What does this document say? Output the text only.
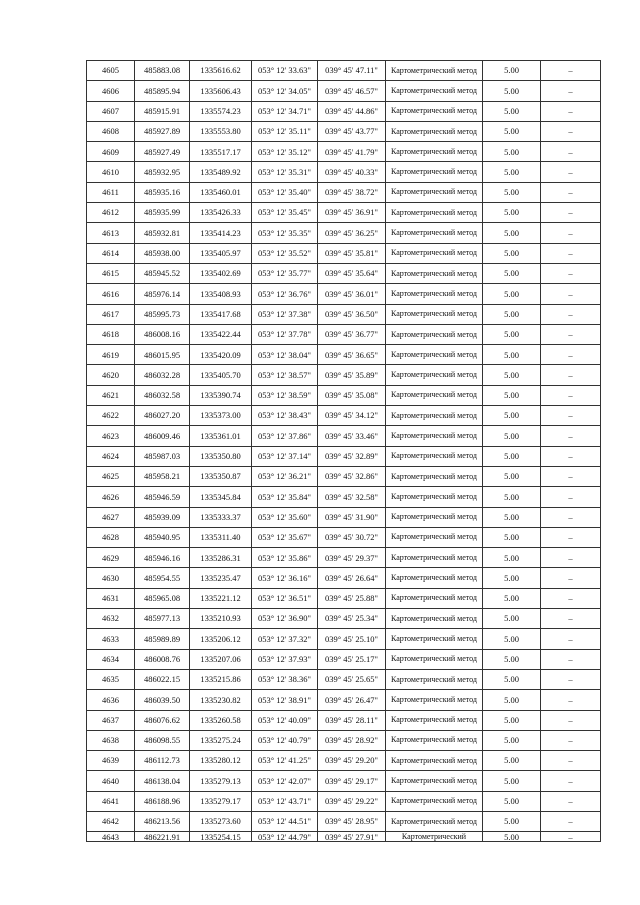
4605	485883.08	1335616.62	053° 12' 33.63"	039° 45' 47.11"	Картометрический метод	5.00	–
4606	485895.94	1335606.43	053° 12' 34.05"	039° 45' 46.57"	Картометрический метод	5.00	–
4607	485915.91	1335574.23	053° 12' 34.71"	039° 45' 44.86"	Картометрический метод	5.00	–
4608	485927.89	1335553.80	053° 12' 35.11"	039° 45' 43.77"	Картометрический метод	5.00	–
4609	485927.49	1335517.17	053° 12' 35.12"	039° 45' 41.79"	Картометрический метод	5.00	–
4610	485932.95	1335489.92	053° 12' 35.31"	039° 45' 40.33"	Картометрический метод	5.00	–
4611	485935.16	1335460.01	053° 12' 35.40"	039° 45' 38.72"	Картометрический метод	5.00	–
4612	485935.99	1335426.33	053° 12' 35.45"	039° 45' 36.91"	Картометрический метод	5.00	–
4613	485932.81	1335414.23	053° 12' 35.35"	039° 45' 36.25"	Картометрический метод	5.00	–
4614	485938.00	1335405.97	053° 12' 35.52"	039° 45' 35.81"	Картометрический метод	5.00	–
4615	485945.52	1335402.69	053° 12' 35.77"	039° 45' 35.64"	Картометрический метод	5.00	–
4616	485976.14	1335408.93	053° 12' 36.76"	039° 45' 36.01"	Картометрический метод	5.00	–
4617	485995.73	1335417.68	053° 12' 37.38"	039° 45' 36.50"	Картометрический метод	5.00	–
4618	486008.16	1335422.44	053° 12' 37.78"	039° 45' 36.77"	Картометрический метод	5.00	–
4619	486015.95	1335420.09	053° 12' 38.04"	039° 45' 36.65"	Картометрический метод	5.00	–
4620	486032.28	1335405.70	053° 12' 38.57"	039° 45' 35.89"	Картометрический метод	5.00	–
4621	486032.58	1335390.74	053° 12' 38.59"	039° 45' 35.08"	Картометрический метод	5.00	–
4622	486027.20	1335373.00	053° 12' 38.43"	039° 45' 34.12"	Картометрический метод	5.00	–
4623	486009.46	1335361.01	053° 12' 37.86"	039° 45' 33.46"	Картометрический метод	5.00	–
4624	485987.03	1335350.80	053° 12' 37.14"	039° 45' 32.89"	Картометрический метод	5.00	–
4625	485958.21	1335350.87	053° 12' 36.21"	039° 45' 32.86"	Картометрический метод	5.00	–
4626	485946.59	1335345.84	053° 12' 35.84"	039° 45' 32.58"	Картометрический метод	5.00	–
4627	485939.09	1335333.37	053° 12' 35.60"	039° 45' 31.90"	Картометрический метод	5.00	–
4628	485940.95	1335311.40	053° 12' 35.67"	039° 45' 30.72"	Картометрический метод	5.00	–
4629	485946.16	1335286.31	053° 12' 35.86"	039° 45' 29.37"	Картометрический метод	5.00	–
4630	485954.55	1335235.47	053° 12' 36.16"	039° 45' 26.64"	Картометрический метод	5.00	–
4631	485965.08	1335221.12	053° 12' 36.51"	039° 45' 25.88"	Картометрический метод	5.00	–
4632	485977.13	1335210.93	053° 12' 36.90"	039° 45' 25.34"	Картометрический метод	5.00	–
4633	485989.89	1335206.12	053° 12' 37.32"	039° 45' 25.10"	Картометрический метод	5.00	–
4634	486008.76	1335207.06	053° 12' 37.93"	039° 45' 25.17"	Картометрический метод	5.00	–
4635	486022.15	1335215.86	053° 12' 38.36"	039° 45' 25.65"	Картометрический метод	5.00	–
4636	486039.50	1335230.82	053° 12' 38.91"	039° 45' 26.47"	Картометрический метод	5.00	–
4637	486076.62	1335260.58	053° 12' 40.09"	039° 45' 28.11"	Картометрический метод	5.00	–
4638	486098.55	1335275.24	053° 12' 40.79"	039° 45' 28.92"	Картометрический метод	5.00	–
4639	486112.73	1335280.12	053° 12' 41.25"	039° 45' 29.20"	Картометрический метод	5.00	–
4640	486138.04	1335279.13	053° 12' 42.07"	039° 45' 29.17"	Картометрический метод	5.00	–
4641	486188.96	1335279.17	053° 12' 43.71"	039° 45' 29.22"	Картометрический метод	5.00	–
4642	486213.56	1335273.60	053° 12' 44.51"	039° 45' 28.95"	Картометрический метод	5.00	–
4643	486221.91	1335254.15	053° 12' 44.79"	039° 45' 27.91"	Картометрический	5.00	–
